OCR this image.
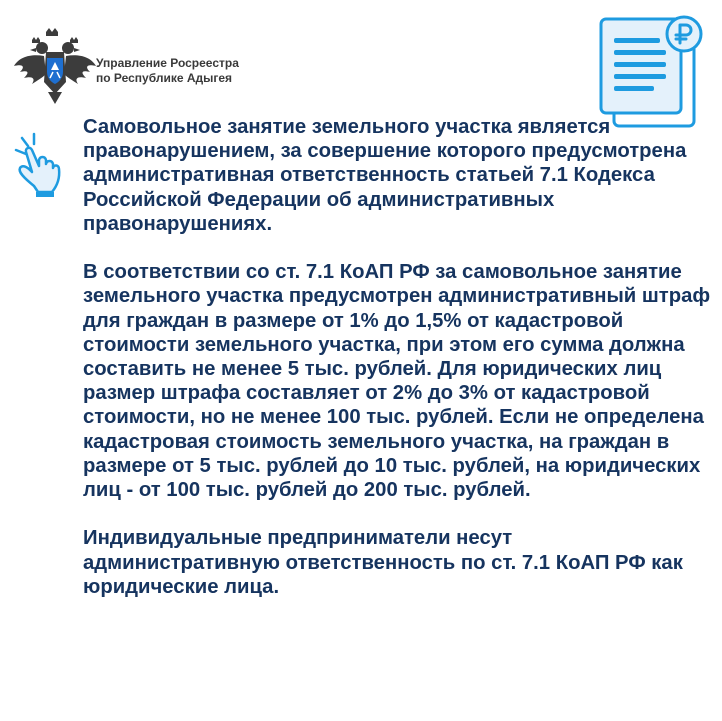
Управление Росреестра
по Республике Адыгея

Самовольное занятие земельного участка является правонарушением, за совершение которого предусмотрена административная ответственность статьей 7.1 Кодекса Российской Федерации об административных правонарушениях.

В соответствии со ст. 7.1 КоАП РФ за самовольное занятие земельного участка предусмотрен административный штраф для граждан в размере от 1% до 1,5% от кадастровой стоимости земельного участка, при этом его сумма должна составить не менее 5 тыс. рублей. Для юридических лиц размер штрафа составляет от 2% до 3% от кадастровой стоимости, но не менее 100 тыс. рублей. Если не определена кадастровая стоимость земельного участка, на граждан в размере от 5 тыс. рублей до 10 тыс. рублей, на юридических лиц - от 100 тыс. рублей до 200 тыс. рублей.

Индивидуальные предприниматели несут административную ответственность по ст. 7.1 КоАП РФ как юридические лица.
